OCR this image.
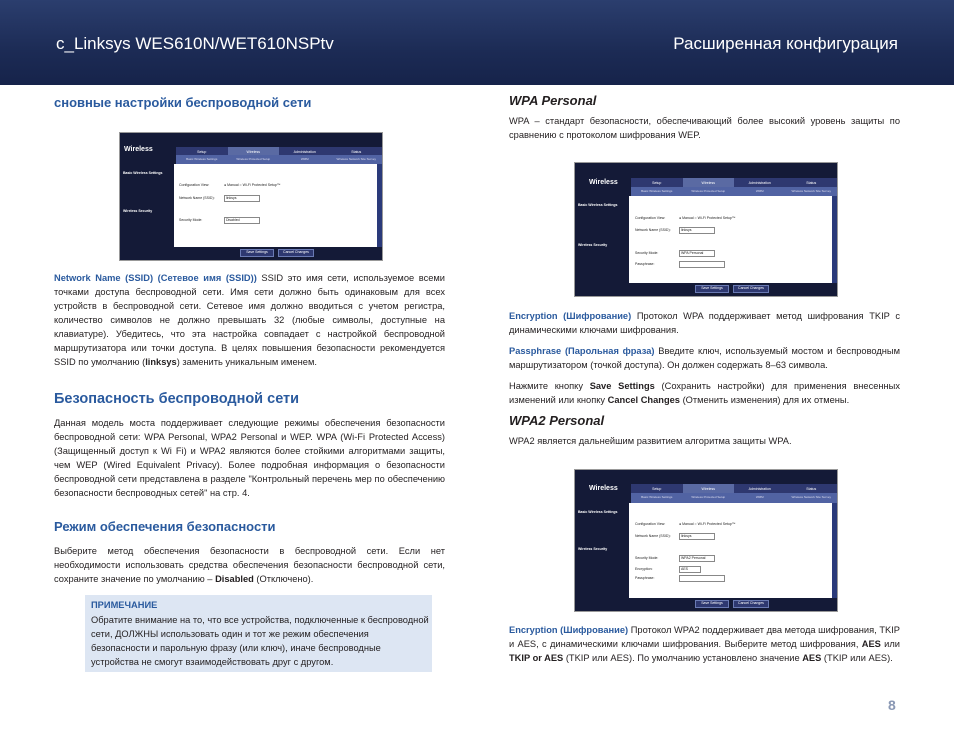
c_Linksys WES610N/WET610NSPtv	Расширенная конфигурация
сновные настройки беспроводной сети
Wireless	Setup	Wireless	Administration	Status
Basic Wireless Settings	Wireless Protected Setup	WMM	Wireless Network Site Survey
Basic Wireless Settings
Wireless Security
Configuration View:	● Manual ○ Wi-Fi Protected Setup™
Network Name (SSID):	linksys
Security Mode:	Disabled
Save Settings	Cancel Changes

Network Name (SSID) (Сетевое имя (SSID)) SSID это имя сети, используемое всеми точками доступа беспроводной сети. Имя сети должно быть одинаковым для всех устройств в беспроводной сети. Сетевое имя должно вводиться с учетом регистра, количество символов не должно превышать 32 (любые символы, доступные на клавиатуре). Убедитесь, что эта настройка совпадает с настройкой беспроводной маршрутизатора или точки доступа. В целях повышения безопасности рекомендуется SSID по умолчанию (linksys) заменить уникальным именем.

Безопасность беспроводной сети

Данная модель моста поддерживает следующие режимы обеспечения безопасности беспроводной сети: WPA Personal, WPA2 Personal и WEP. WPA (Wi-Fi Protected Access) (Защищенный доступ к Wi Fi) и WPA2 являются более стойкими алгоритмами защиты, чем WEP (Wired Equivalent Privacy). Более подробная информация о безопасности беспроводной сети представлена в разделе "Контрольный перечень мер по обеспечению безопасности беспроводных сетей" на стр. 4.

Режим обеспечения безопасности

Выберите метод обеспечения безопасности в беспроводной сети. Если нет необходимости использовать средства обеспечения безопасности беспроводной сети, сохраните значение по умолчанию – Disabled (Отключено).

ПРИМЕЧАНИЕ
Обратите внимание на то, что все устройства, подключенные к беспроводной сети, ДОЛЖНЫ использовать один и тот же режим обеспечения безопасности и парольную фразу (или ключ), иначе беспроводные устройства не смогут взаимодействовать друг с другом.
WPA Personal

WPA – стандарт безопасности, обеспечивающий более высокий уровень защиты по сравнению с протоколом шифрования WEP.

Wireless	Setup	Wireless	Administration	Status
Basic Wireless Settings	Wireless Protected Setup	WMM	Wireless Network Site Survey
Basic Wireless Settings
Wireless Security
Configuration View:	● Manual ○ Wi-Fi Protected Setup™
Network Name (SSID):	linksys
Security Mode:	WPA Personal
Passphrase:
Save Settings	Cancel Changes

Encryption (Шифрование) Протокол WPA поддерживает метод шифрования TKIP с динамическими ключами шифрования.

Passphrase (Парольная фраза) Введите ключ, используемый мостом и беспроводным маршрутизатором (точкой доступа). Он должен содержать 8–63 символа.

Нажмите кнопку Save Settings (Сохранить настройки) для применения внесенных изменений или кнопку Cancel Changes (Отменить изменения) для их отмены.

WPA2 Personal

WPA2 является дальнейшим развитием алгоритма защиты WPA.

Wireless	Setup	Wireless	Administration	Status
Basic Wireless Settings	Wireless Protected Setup	WMM	Wireless Network Site Survey
Basic Wireless Settings
Wireless Security
Configuration View:	● Manual ○ Wi-Fi Protected Setup™
Network Name (SSID):	linksys
Security Mode:	WPA2 Personal
Encryption:	AES
Passphrase:
Save Settings	Cancel Changes

Encryption (Шифрование) Протокол WPA2 поддерживает два метода шифрования, TKIP и AES, с динамическими ключами шифрования. Выберите метод шифрования, AES или TKIP or AES (TKIP или AES). По умолчанию установлено значение AES (TKIP или AES).

8
